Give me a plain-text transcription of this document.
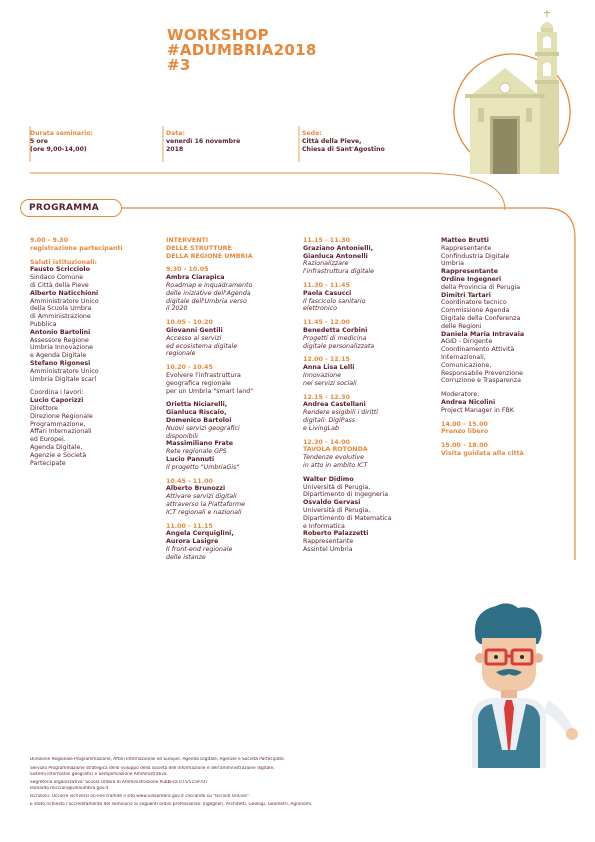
WORKSHOP
#ADUMBRIA2018
#3
Durata seminario:
5 ore
(ore 9,00-14,00)
Data:
venerdì 16 novembre
2018
Sede:
Città della Pieve,
Chiesa di Sant'Agostino
PROGRAMMA
9.00 - 9.30
registrazione partecipanti
Saluti istituzionali:
Fausto Scricciolo
Sindaco Comune
di Città della Pieve
Alberto Naticchioni
Amministratore Unico
della Scuola Umbra
di Amministrazione
Pubblica
Antonio Bartolini
Assessore Regione
Umbria Innovazione
e Agenda Digitale
Stefano Rigonesi
Amministratore Unico
Umbria Digitale scarl
Coordina i lavori:
Lucio Caporizzi
Direttore
Direzione Regionale
Programmazione,
Affari Internazionali
ed Europei.
Agenda Digitale,
Agenzie e Società
Partecipate
INTERVENTI
DELLE STRUTTURE
DELLA REGIONE UMBRIA
9.30 - 10.05
Ambra Ciarapica
Roadmap e inquadramento
delle iniziative dell'Agenda
digitale dell'Umbria verso
il 2020
10.05 - 10.20
Giovanni Gentili
Accesso ai servizi
ed ecosistema digitale
regionale
10.20 - 10.45
Evolvere l'infrastruttura
geografica regionale
per un Umbria "smart land"
Orietta Niciarelli,
Gianluca Riscaio,
Domenico Bartoloi
Nuovi servizi geografici
disponibili
Massimiliano Frate
Rete regionale GPS
Lucio Pannuti
Il progetto "UmbriaGis"
10.45 - 11.00
Alberto Brunozzi
Attivare servizi digitali
attraverso la Piattaforme
ICT regionali e nazionali
11.00 - 11.15
Angela Cerquiglini,
Aurora Lasigre
Il front-end regionale
delle istanze
11.15 - 11.30
Graziano Antonielli,
Gianluca Antonelli
Razionalizzare
l'infrastruttura digitale
11.30 - 11.45
Paola Casucci
Il fascicolo sanitario
elettronico
11.45 - 12.00
Benedetta Corbini
Progetti di medicina
digitale personalizzata
12.00 - 12.15
Anna Lisa Lelli
Innovazione
nei servizi sociali
12.15 - 12.30
Andrea Castellani
Rendere esigibili i diritti
digitali: DigiPass
e LivingLab
12.30 - 14.00
TAVOLA ROTONDA
Tendenze evolutive
in atto in ambito ICT
Walter Didimo
Università di Perugia,
Dipartimento di Ingegneria
Osvaldo Gervasi
Università di Perugia,
Dipartimento di Matematica
e Informatica
Roberto Palazzetti
Rappresentante
Assintel Umbria
Matteo Brutti
Rappresentante
Confindustria Digitale
Umbria
Rappresentante
Ordine Ingegneri
della Provincia di Perugia
Dimitri Tartari
Coordinatore tecnico
Commissione Agenda
Digitale della Conferenza
delle Regioni
Daniela Maria Intravaia
AGID - Dirigente
Coordinamento Attività
Internazionali,
Comunicazione,
Responsabile Prevenzione
Corruzione e Trasparenza
Moderatore:
Andrea Nicolini
Project Manager in FBK
14.00 - 15.00
Pranzo libero
15.00 - 18.00
Visita guidata alla città
Direzione Regionale Programmazione, Affari Internazionali ed Europei. Agenda Digitale, Agenzie e Società Partecipate.
Servizio Programmazione strategica dello sviluppo della società dell'informazione e dell'amministrazione digitale,
Sistemi informativi geografici e Semplificazione Amministrativa.
Segreteria organizzativa: Scuola Umbra di Amministrazione Pubblica 075/5159707
leonardo.micciani@villaumbra.gov.it
Iscrizioni: Occorre iscriversi on-line tramite il sito www.villaumbra.gov.it cliccando su "Iscriviti OnLine".
È stato richiesto l'accreditamento del seminario ai seguenti ordini professionali: Ingegneri, Architetti, Geologi, Geometri, Agronomi.
